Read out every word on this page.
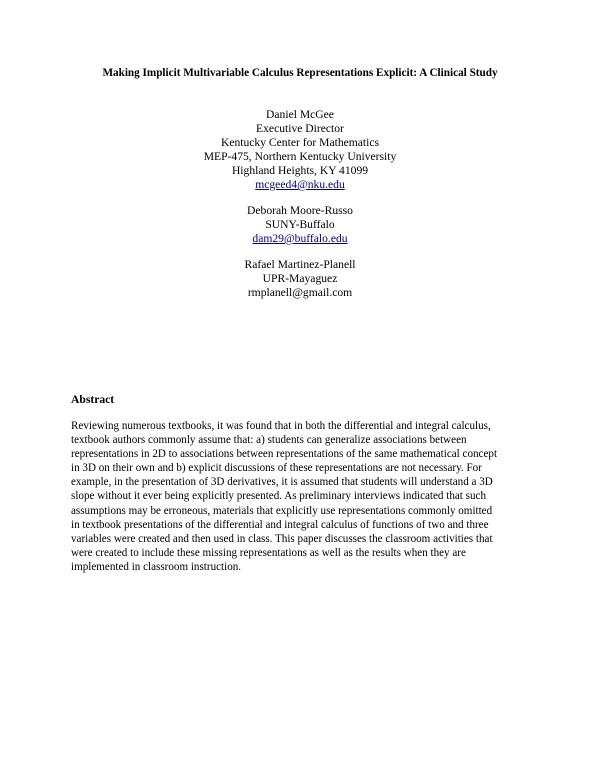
Making Implicit Multivariable Calculus Representations Explicit: A Clinical Study
Daniel McGee
Executive Director
Kentucky Center for Mathematics
MEP-475, Northern Kentucky University
Highland Heights, KY 41099
mcgeed4@nku.edu
Deborah Moore-Russo
SUNY-Buffalo
dam29@buffalo.edu
Rafael Martinez-Planell
UPR-Mayaguez
rmplanell@gmail.com
Abstract
Reviewing numerous textbooks, it was found that in both the differential and integral calculus,
textbook authors commonly assume that: a) students can generalize associations between
representations in 2D to associations between representations of the same mathematical concept
in 3D on their own and b) explicit discussions of these representations are not necessary. For
example, in the presentation of 3D derivatives, it is assumed that students will understand a 3D
slope without it ever being explicitly presented. As preliminary interviews indicated that such
assumptions may be erroneous, materials that explicitly use representations commonly omitted
in textbook presentations of the differential and integral calculus of functions of two and three
variables were created and then used in class. This paper discusses the classroom activities that
were created to include these missing representations as well as the results when they are
implemented in classroom instruction.
